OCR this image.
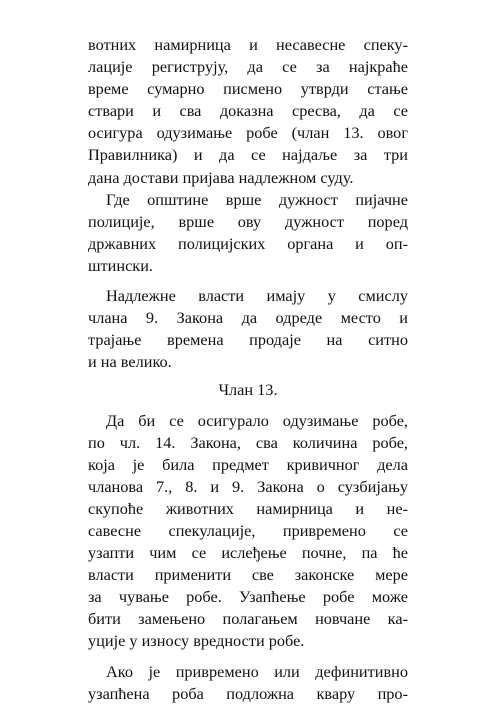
вотних намирница и несавесне спеку-
лације региструју, да се за најкраће
време сумарно писмено утврди стање
ствари и сва доказна сресва, да се
осигура одузимање робе (члан 13. овог
Правилника) и да се најдаље за три
дана достави пријава надлежном суду.
Где општине врше дужност пијачне
полиције, врше ову дужност поред
државних полицијских органа и оп-
штински.
Надлежне власти имају у смислу
члана 9. Закона да одреде место и
трајање времена продаје на ситно
и на велико.
Члан 13.
Да би се осигурало одузимање робе,
по чл. 14. Закона, сва количина робе,
која је била предмет кривичног дела
чланова 7., 8. и 9. Закона о сузбијању
скупоће животних намирница и не-
савесне спекулације, привремено се
узапти чим се ислеђење почне, па ће
власти применити све законске мере
за чување робе. Узапћење робе може
бити замењено полагањем новчане ка-
уције у износу вредности робе.
Ако је привремено или дефинитивно
узапћена роба подложна квару про-
